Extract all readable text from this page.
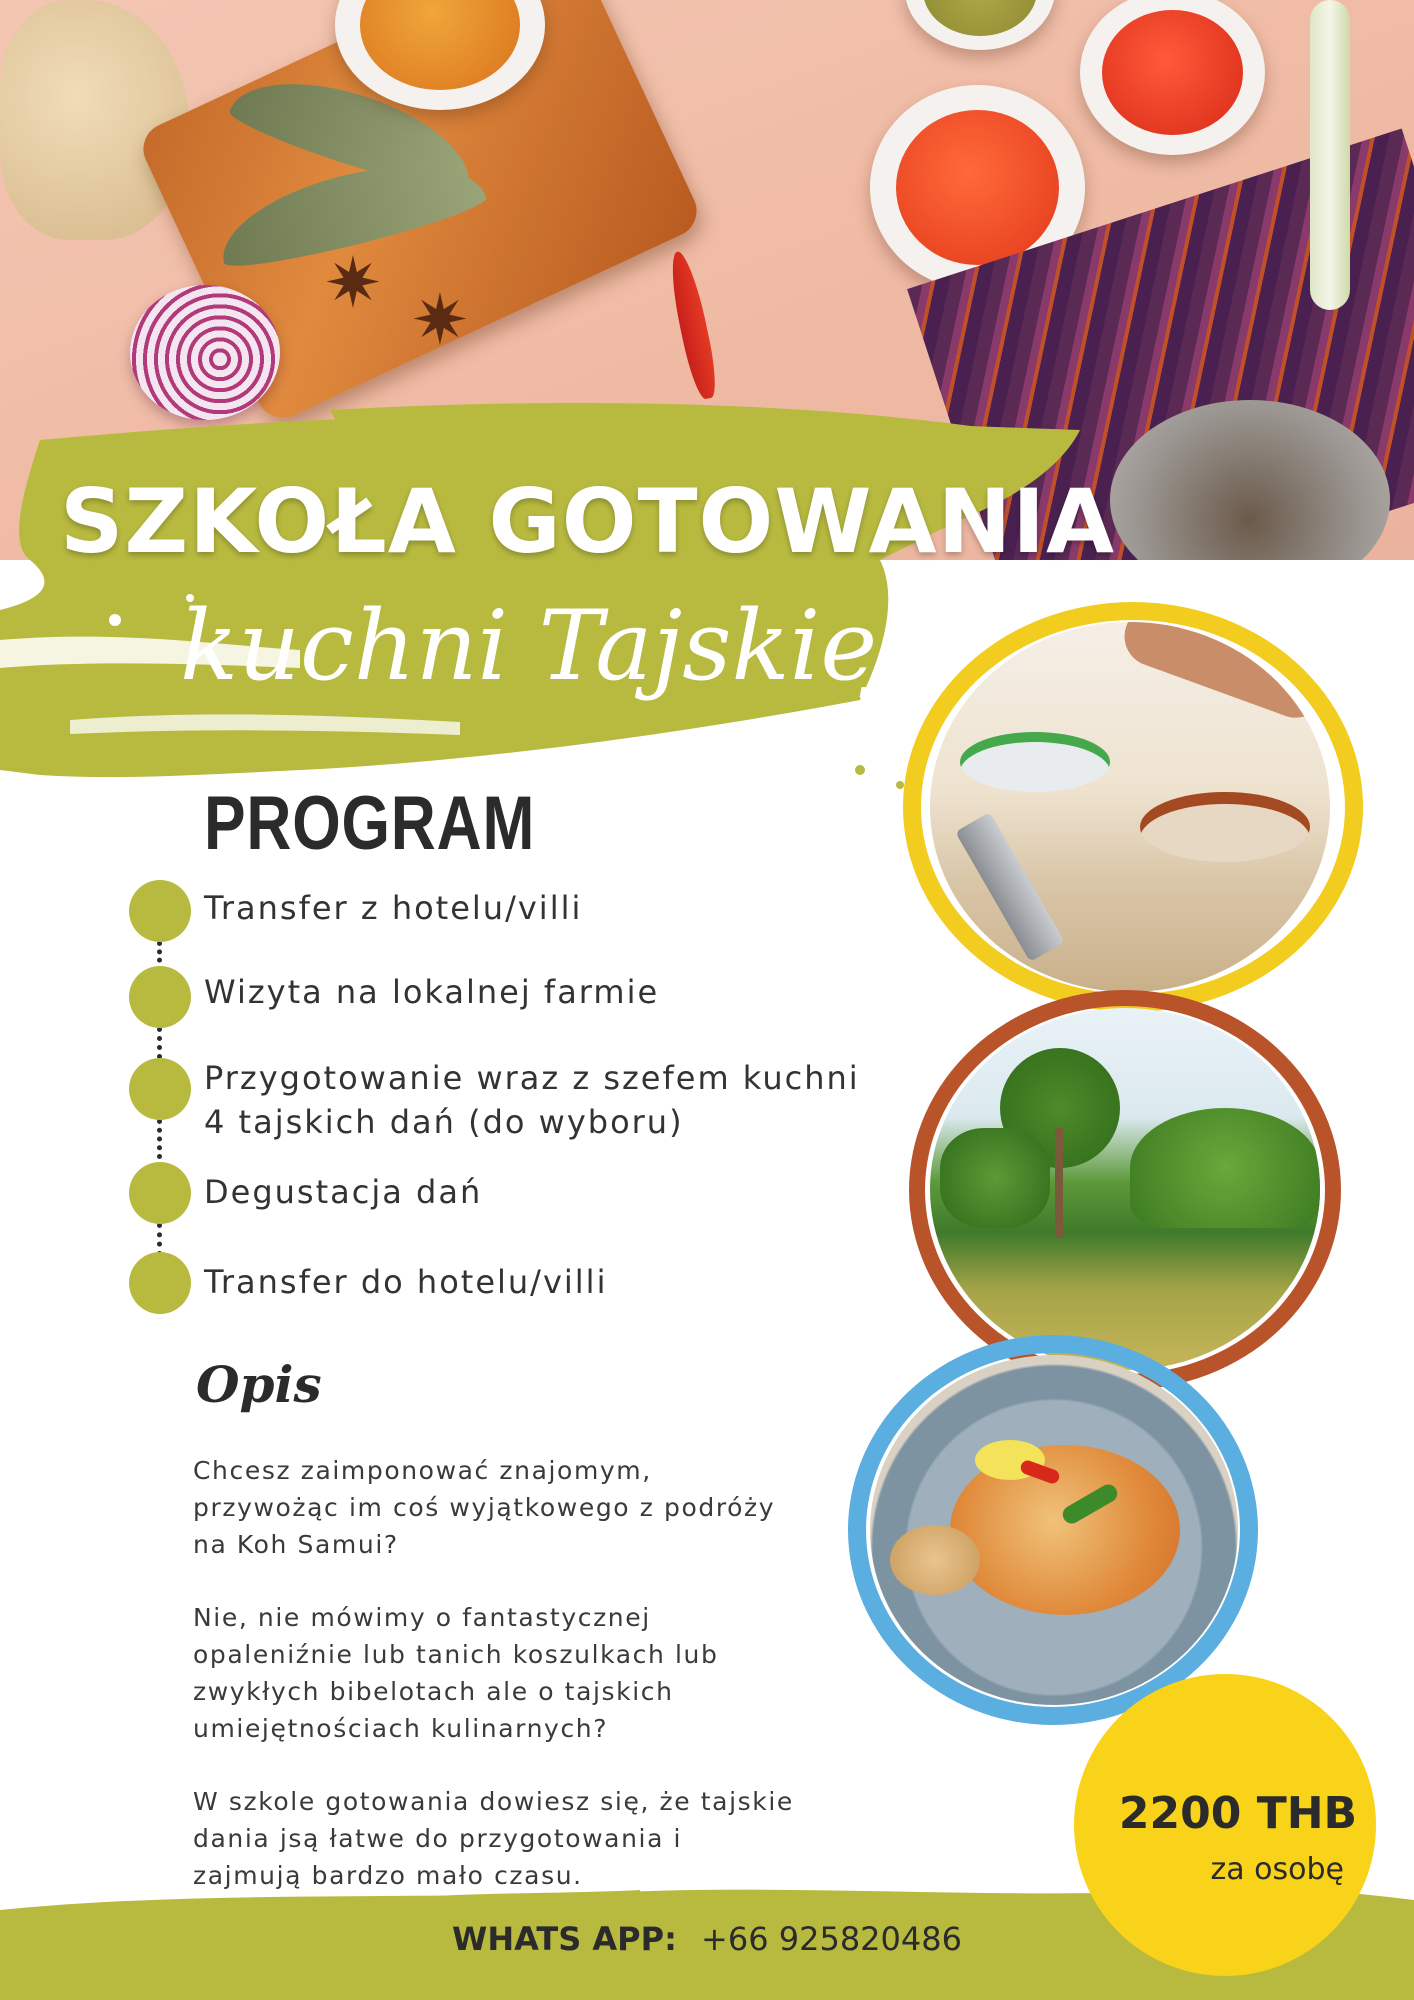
✷ ✷
SZKOŁA GOTOWANIA
kuchni Tajskiej
PROGRAM
Transfer z hotelu/villi
Wizyta na lokalnej farmie
Przygotowanie wraz z szefem kuchni
4 tajskich dań (do wyboru)
Degustacja dań
Transfer do hotelu/villi
Opis

Chcesz zaimponować znajomym,
przywożąc im coś wyjątkowego z podróży
na Koh Samui?

Nie, nie mówimy o fantastycznej
opaleniźnie lub tanich koszulkach lub
zwykłych bibelotach ale o tajskich
umiejętnościach kulinarnych?

W szkole gotowania dowiesz się, że tajskie
dania jsą łatwe do przygotowania i
zajmują bardzo mało czasu.

2200 THB
za osobę
WHATS APP: +66 925820486
